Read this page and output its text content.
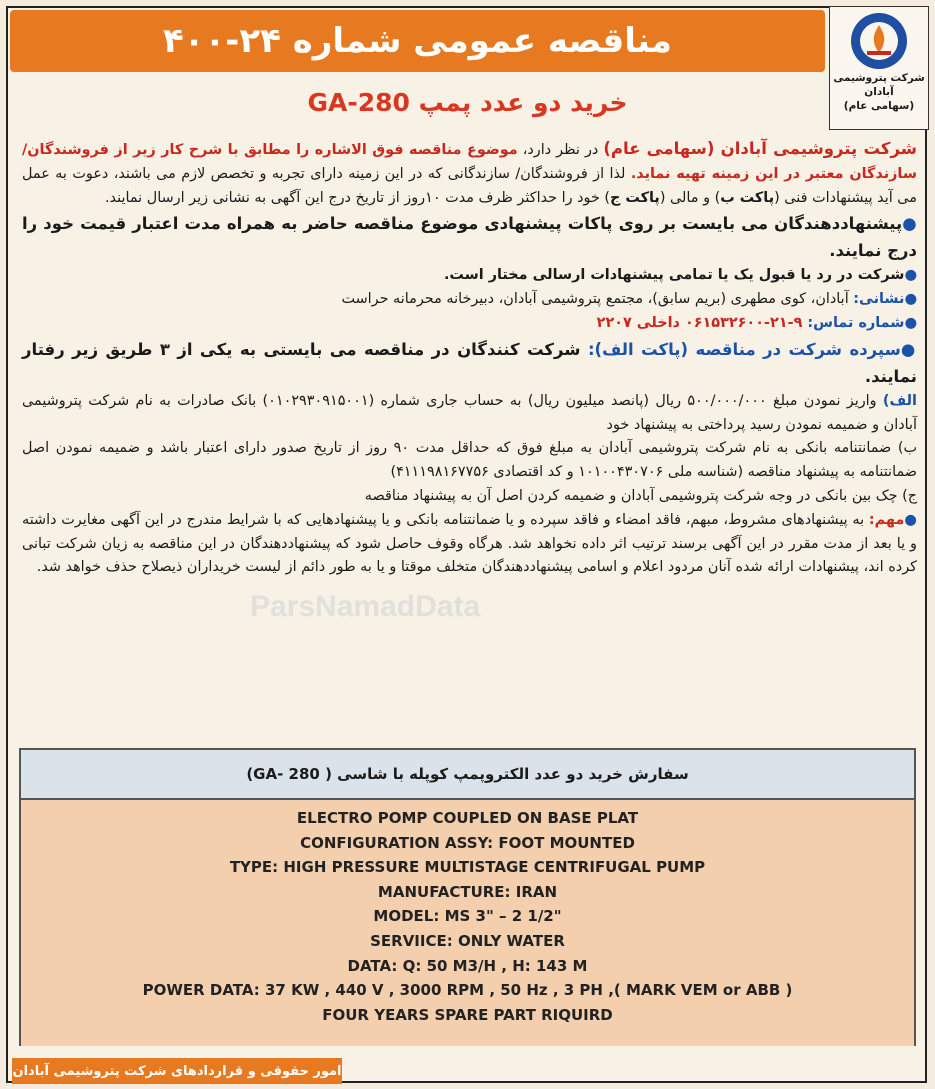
مناقصه عمومی شماره ۲۴-۴۰۰
شرکت پتروشیمی
آبادان
(سهامی عام)
خرید دو عدد پمپ GA-280

شرکت پتروشیمی آبادان (سهامی عام) در نظر دارد، موضوع مناقصه فوق الاشاره را مطابق با شرح کار زیر از فروشندگان/ سازندگان معتبر در این زمینه تهیه نماید. لذا از فروشندگان/ سازندگانی که در این زمینه دارای تجربه و تخصص لازم می باشند، دعوت به عمل می آید پیشنهادات فنی (پاکت ب) و مالی (پاکت ج) خود را حداکثر ظرف مدت ۱۰روز از تاریخ درج این آگهی به نشانی زیر ارسال نمایند.

●پیشنهاددهندگان می بایست بر روی پاکات پیشنهادی موضوع مناقصه حاضر به همراه مدت اعتبار قیمت خود را درج نمایند.

●شرکت در رد یا قبول یک یا تمامی پیشنهادات ارسالی مختار است.

●نشانی: آبادان، کوی مطهری (بریم سابق)، مجتمع پتروشیمی آبادان، دبیرخانه محرمانه حراست

●شماره تماس: ۹-۲۱-۰۶۱۵۳۲۶۰۰ داخلی ۲۲۰۷

●سپرده شرکت در مناقصه (پاکت الف): شرکت کنندگان در مناقصه می بایستی به یکی از ۳ طریق زیر رفتار نمایند.

الف) واریز نمودن مبلغ ۵۰۰/۰۰۰/۰۰۰ ریال (پانصد میلیون ریال) به حساب جاری شماره (۰۱۰۲۹۳۰۹۱۵۰۰۱) بانک صادرات به نام شرکت پتروشیمی آبادان و ضمیمه نمودن رسید پرداختی به پیشنهاد خود

ب) ضمانتنامه بانکی به نام شرکت پتروشیمی آبادان به مبلغ فوق که حداقل مدت ۹۰ روز از تاریخ صدور دارای اعتبار باشد و ضمیمه نمودن اصل ضمانتنامه به پیشنهاد مناقصه (شناسه ملی ۱۰۱۰۰۴۳۰۷۰۶ و کد اقتصادی ۴۱۱۱۹۸۱۶۷۷۵۶)

ج) چک بین بانکی در وجه شرکت پتروشیمی آبادان و ضمیمه کردن اصل آن به پیشنهاد مناقصه

●مهم: به پیشنهادهای مشروط، مبهم، فاقد امضاء و فاقد سپرده و یا ضمانتنامه بانکی و یا پیشنهادهایی که با شرایط مندرج در این آگهی مغایرت داشته و یا بعد از مدت مقرر در این آگهی برسند ترتیب اثر داده نخواهد شد. هرگاه وقوف حاصل شود که پیشنهاددهندگان در این مناقصه به زیان شرکت تبانی کرده اند، پیشنهادات ارائه شده آنان مردود اعلام و اسامی پیشنهاددهندگان متخلف موقتا و یا به طور دائم از لیست خریداران ذیصلاح حذف خواهد شد.

ParsNamadData
سفارش خرید دو عدد الکتروپمپ کوپله با شاسی ( GA- 280)
ELECTRO POMP COUPLED ON BASE PLAT
CONFIGURATION ASSY: FOOT MOUNTED
TYPE: HIGH PRESSURE MULTISTAGE CENTRIFUGAL PUMP
MANUFACTURE: IRAN
MODEL: MS 3" – 2 1/2"
SERVIICE: ONLY WATER
DATA: Q: 50 M3/H , H: 143 M
POWER DATA: 37 KW , 440 V , 3000 RPM , 50 Hz , 3 PH ,( MARK VEM or ABB )
FOUR YEARS SPARE PART RIQUIRD
امور حقوقی و قراردادهای شرکت پتروشیمی آبادان
